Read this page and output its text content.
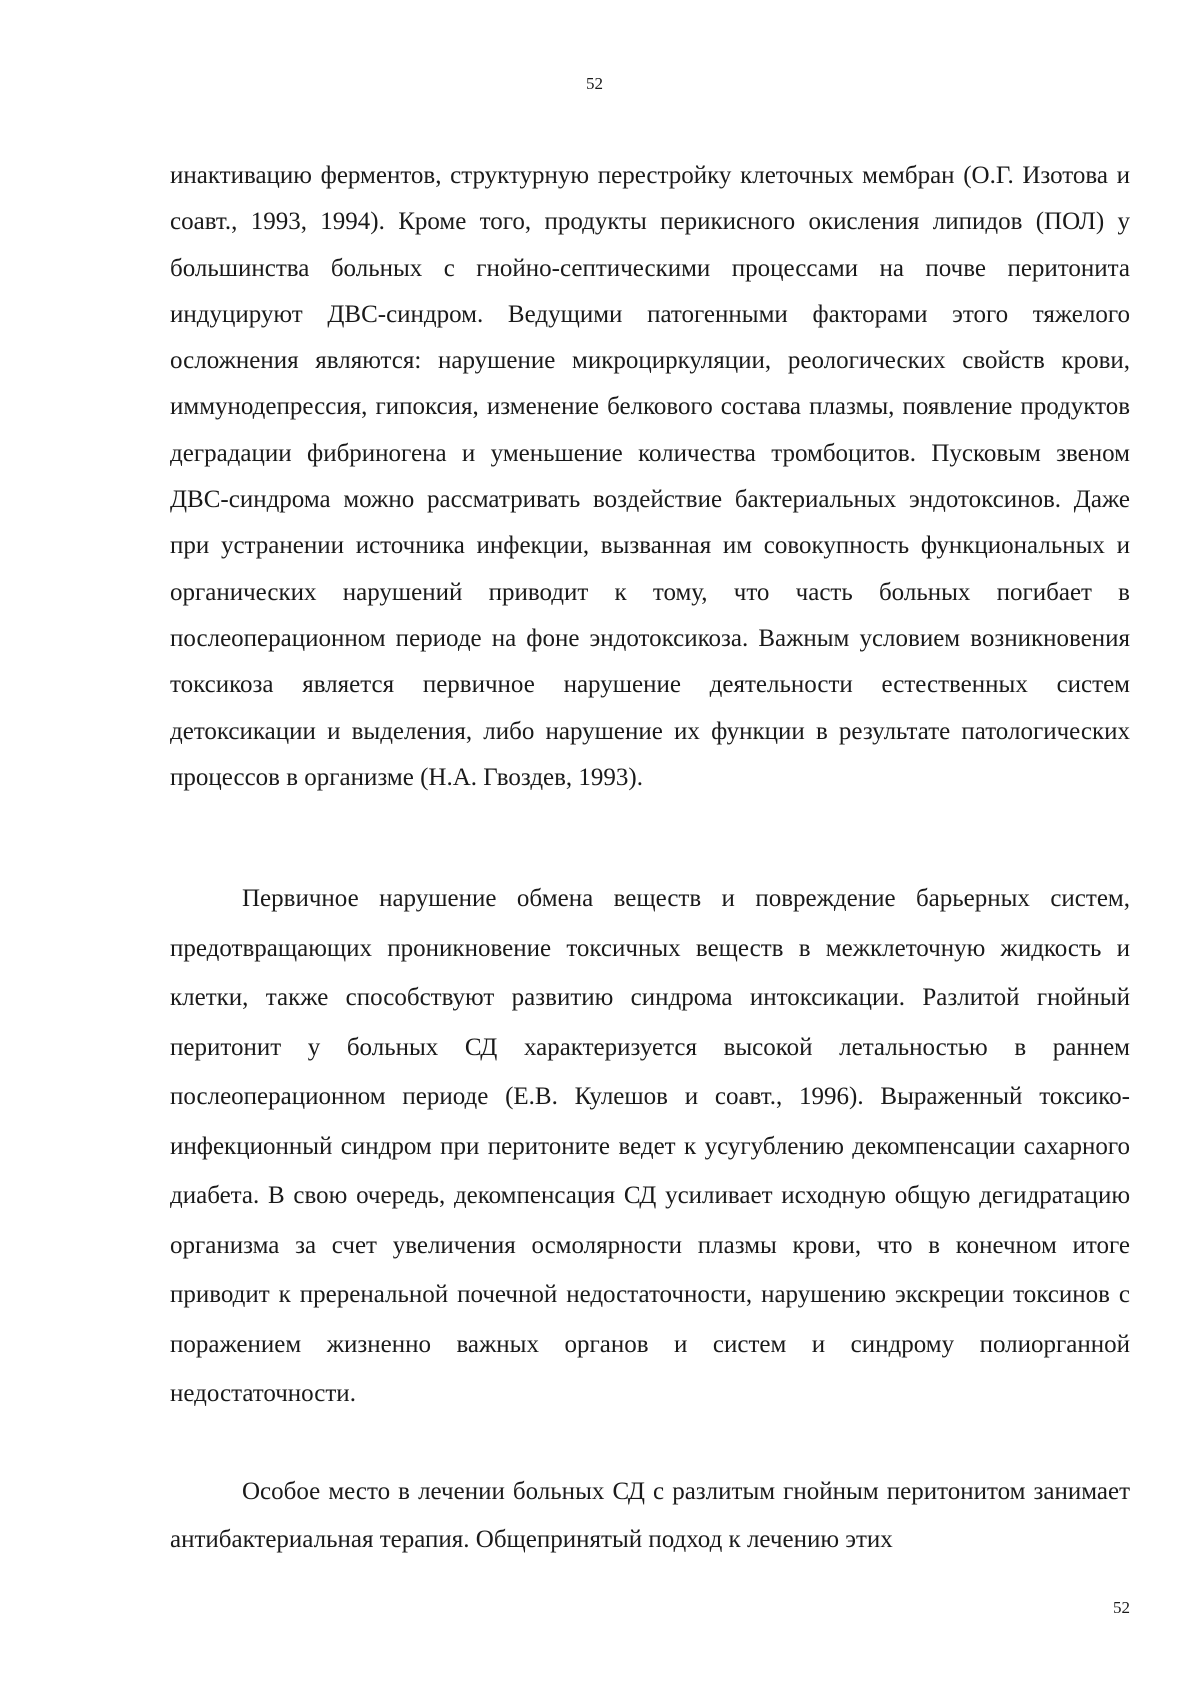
52

инактивацию ферментов, структурную перестройку клеточных мембран (О.Г. Изотова и соавт., 1993, 1994). Кроме того, продукты перикисного окисления липидов (ПОЛ) у большинства больных с гнойно-септическими процессами на почве перитонита индуцируют ДВС-синдром. Ведущими патогенными факторами этого тяжелого осложнения являются: нарушение микроциркуляции, реологических свойств крови, иммунодепрессия, гипоксия, изменение белкового состава плазмы, появление продуктов деградации фибриногена и уменьшение количества тромбоцитов. Пусковым звеном ДВС-синдрома можно рассматривать воздействие бактериальных эндотоксинов. Даже при устранении источника инфекции, вызванная им совокупность функциональных и органических нарушений приводит к тому, что часть больных погибает в послеоперационном периоде на фоне эндотоксикоза. Важным условием возникновения токсикоза является первичное нарушение деятельности естественных систем детоксикации и выделения, либо нарушение их функции в результате патологических процессов в организме (Н.А. Гвоздев, 1993).

Первичное нарушение обмена веществ и повреждение барьерных систем, предотвращающих проникновение токсичных веществ в межклеточную жидкость и клетки, также способствуют развитию синдрома интоксикации. Разлитой гнойный перитонит у больных СД характеризуется высокой летальностью в раннем послеоперационном периоде (Е.В. Кулешов и соавт., 1996). Выраженный токсико-инфекционный синдром при перитоните ведет к усугублению декомпенсации сахарного диабета. В свою очередь, декомпенсация СД усиливает исходную общую дегидратацию организма за счет увеличения осмолярности плазмы крови, что в конечном итоге приводит к преренальной почечной недостаточности, нарушению экскреции токсинов с поражением жизненно важных органов и систем и синдрому полиорганной недостаточности.

Особое место в лечении больных СД с разлитым гнойным перитонитом занимает антибактериальная терапия. Общепринятый подход к лечению этих

52
